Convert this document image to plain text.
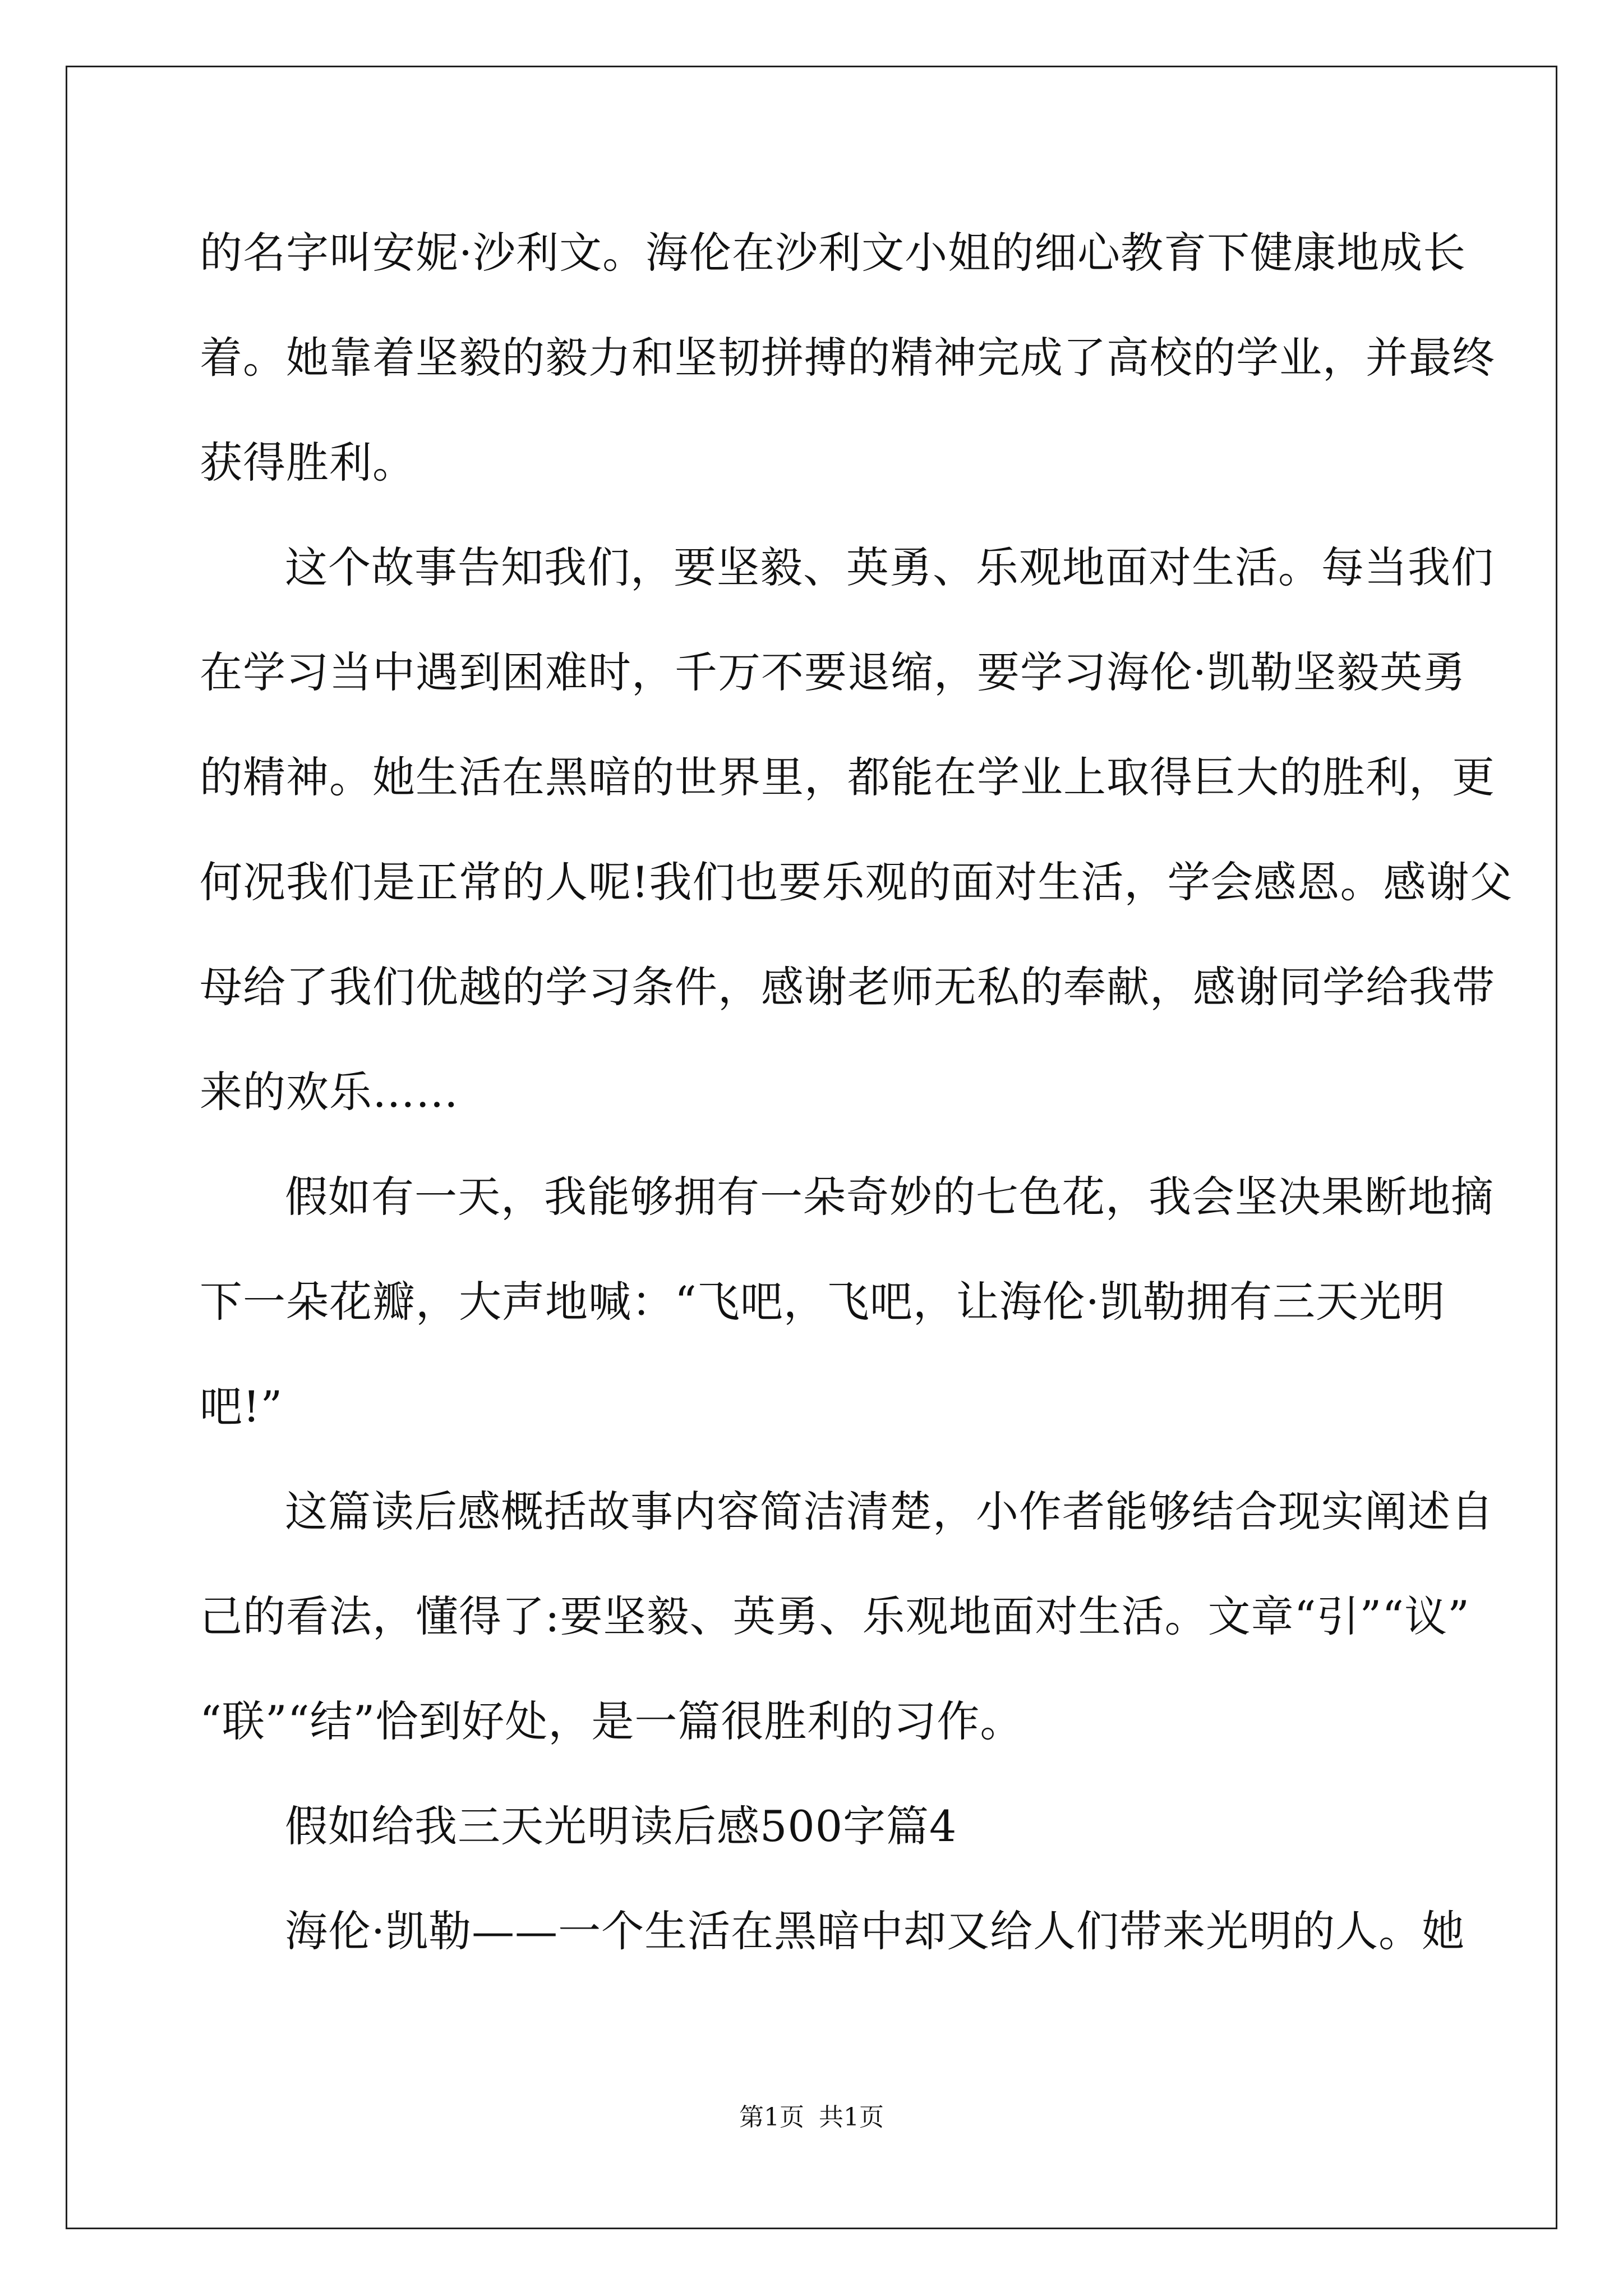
的名字叫安妮·沙利文。海伦在沙利文小姐的细心教育下健康地成长
着。她靠着坚毅的毅力和坚韧拼搏的精神完成了高校的学业，并最终
获得胜利。
这个故事告知我们，要坚毅、英勇、乐观地面对生活。每当我们
在学习当中遇到困难时，千万不要退缩，要学习海伦·凯勒坚毅英勇
的精神。她生活在黑暗的世界里，都能在学业上取得巨大的胜利，更
何况我们是正常的人呢!我们也要乐观的面对生活，学会感恩。感谢父
母给了我们优越的学习条件，感谢老师无私的奉献，感谢同学给我带
来的欢乐……
假如有一天，我能够拥有一朵奇妙的七色花，我会坚决果断地摘
下一朵花瓣，大声地喊：“飞吧，飞吧，让海伦·凯勒拥有三天光明
吧!”
这篇读后感概括故事内容简洁清楚，小作者能够结合现实阐述自
己的看法，懂得了:要坚毅、英勇、乐观地面对生活。文章“引”“议”
“联”“结”恰到好处，是一篇很胜利的习作。
假如给我三天光明读后感500字篇4
海伦·凯勒——一个生活在黑暗中却又给人们带来光明的人。她
第1页 共1页
